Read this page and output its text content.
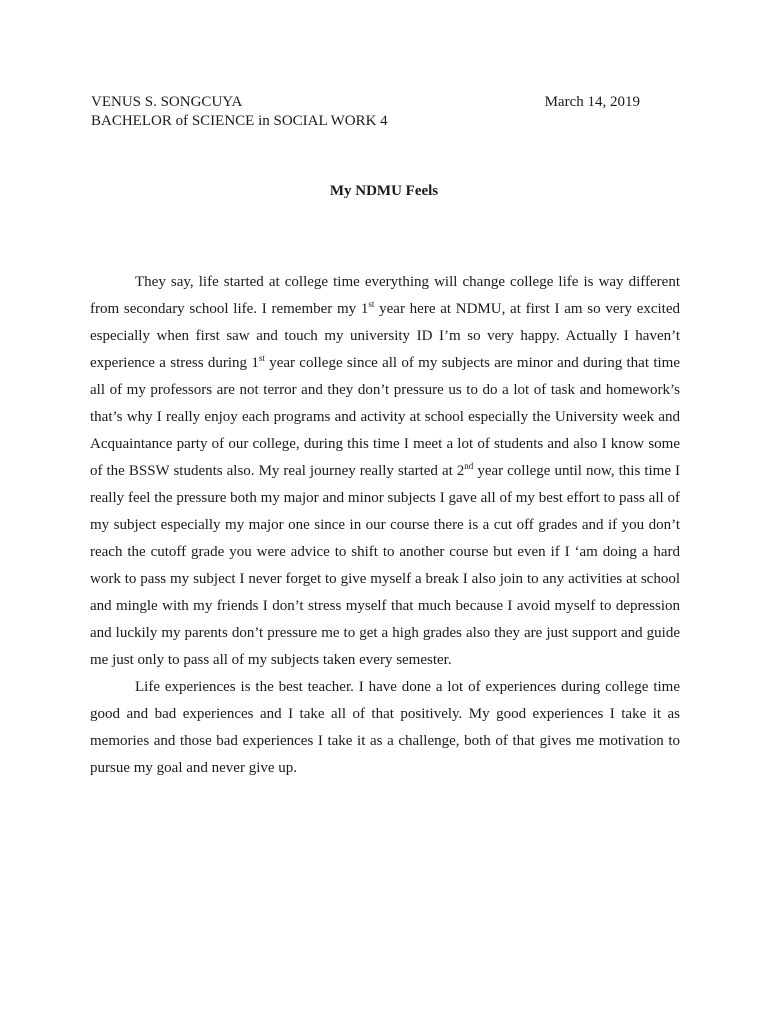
VENUS S. SONGCUYA	March 14, 2019
BACHELOR of SCIENCE in SOCIAL WORK 4
My NDMU Feels
They say, life started at college time everything will change college life is way different
from secondary school life. I remember my 1st year here at NDMU, at first I am so very excited
especially when first saw and touch my university ID I’m so very happy. Actually I haven’t
experience a stress during 1st year college since all of my subjects are minor and during that time
all of my professors are not terror and they don’t pressure us to do a lot of task and homework’s
that’s why I really enjoy each programs and activity at school especially the University week and
Acquaintance party of our college, during this time I meet a lot of students and also I know some
of the BSSW students also. My real journey really started at 2nd year college until now, this time I
really feel the pressure both my major and minor subjects I gave all of my best effort to pass all of
my subject especially my major one since in our course there is a cut off grades and if you don’t
reach the cutoff grade you were advice to shift to another course but even if I ‘am doing a hard
work to pass my subject I never forget to give myself a break I also join to any activities at school
and mingle with my friends I don’t stress myself that much because I avoid myself to depression
and luckily my parents don’t pressure me to get a high grades also they are just support and guide
me just only to pass all of my subjects taken every semester.
Life experiences is the best teacher. I have done a lot of experiences during college time
good and bad experiences and I take all of that positively. My good experiences I take it as
memories and those bad experiences I take it as a challenge, both of that gives me motivation to
pursue my goal and never give up.
